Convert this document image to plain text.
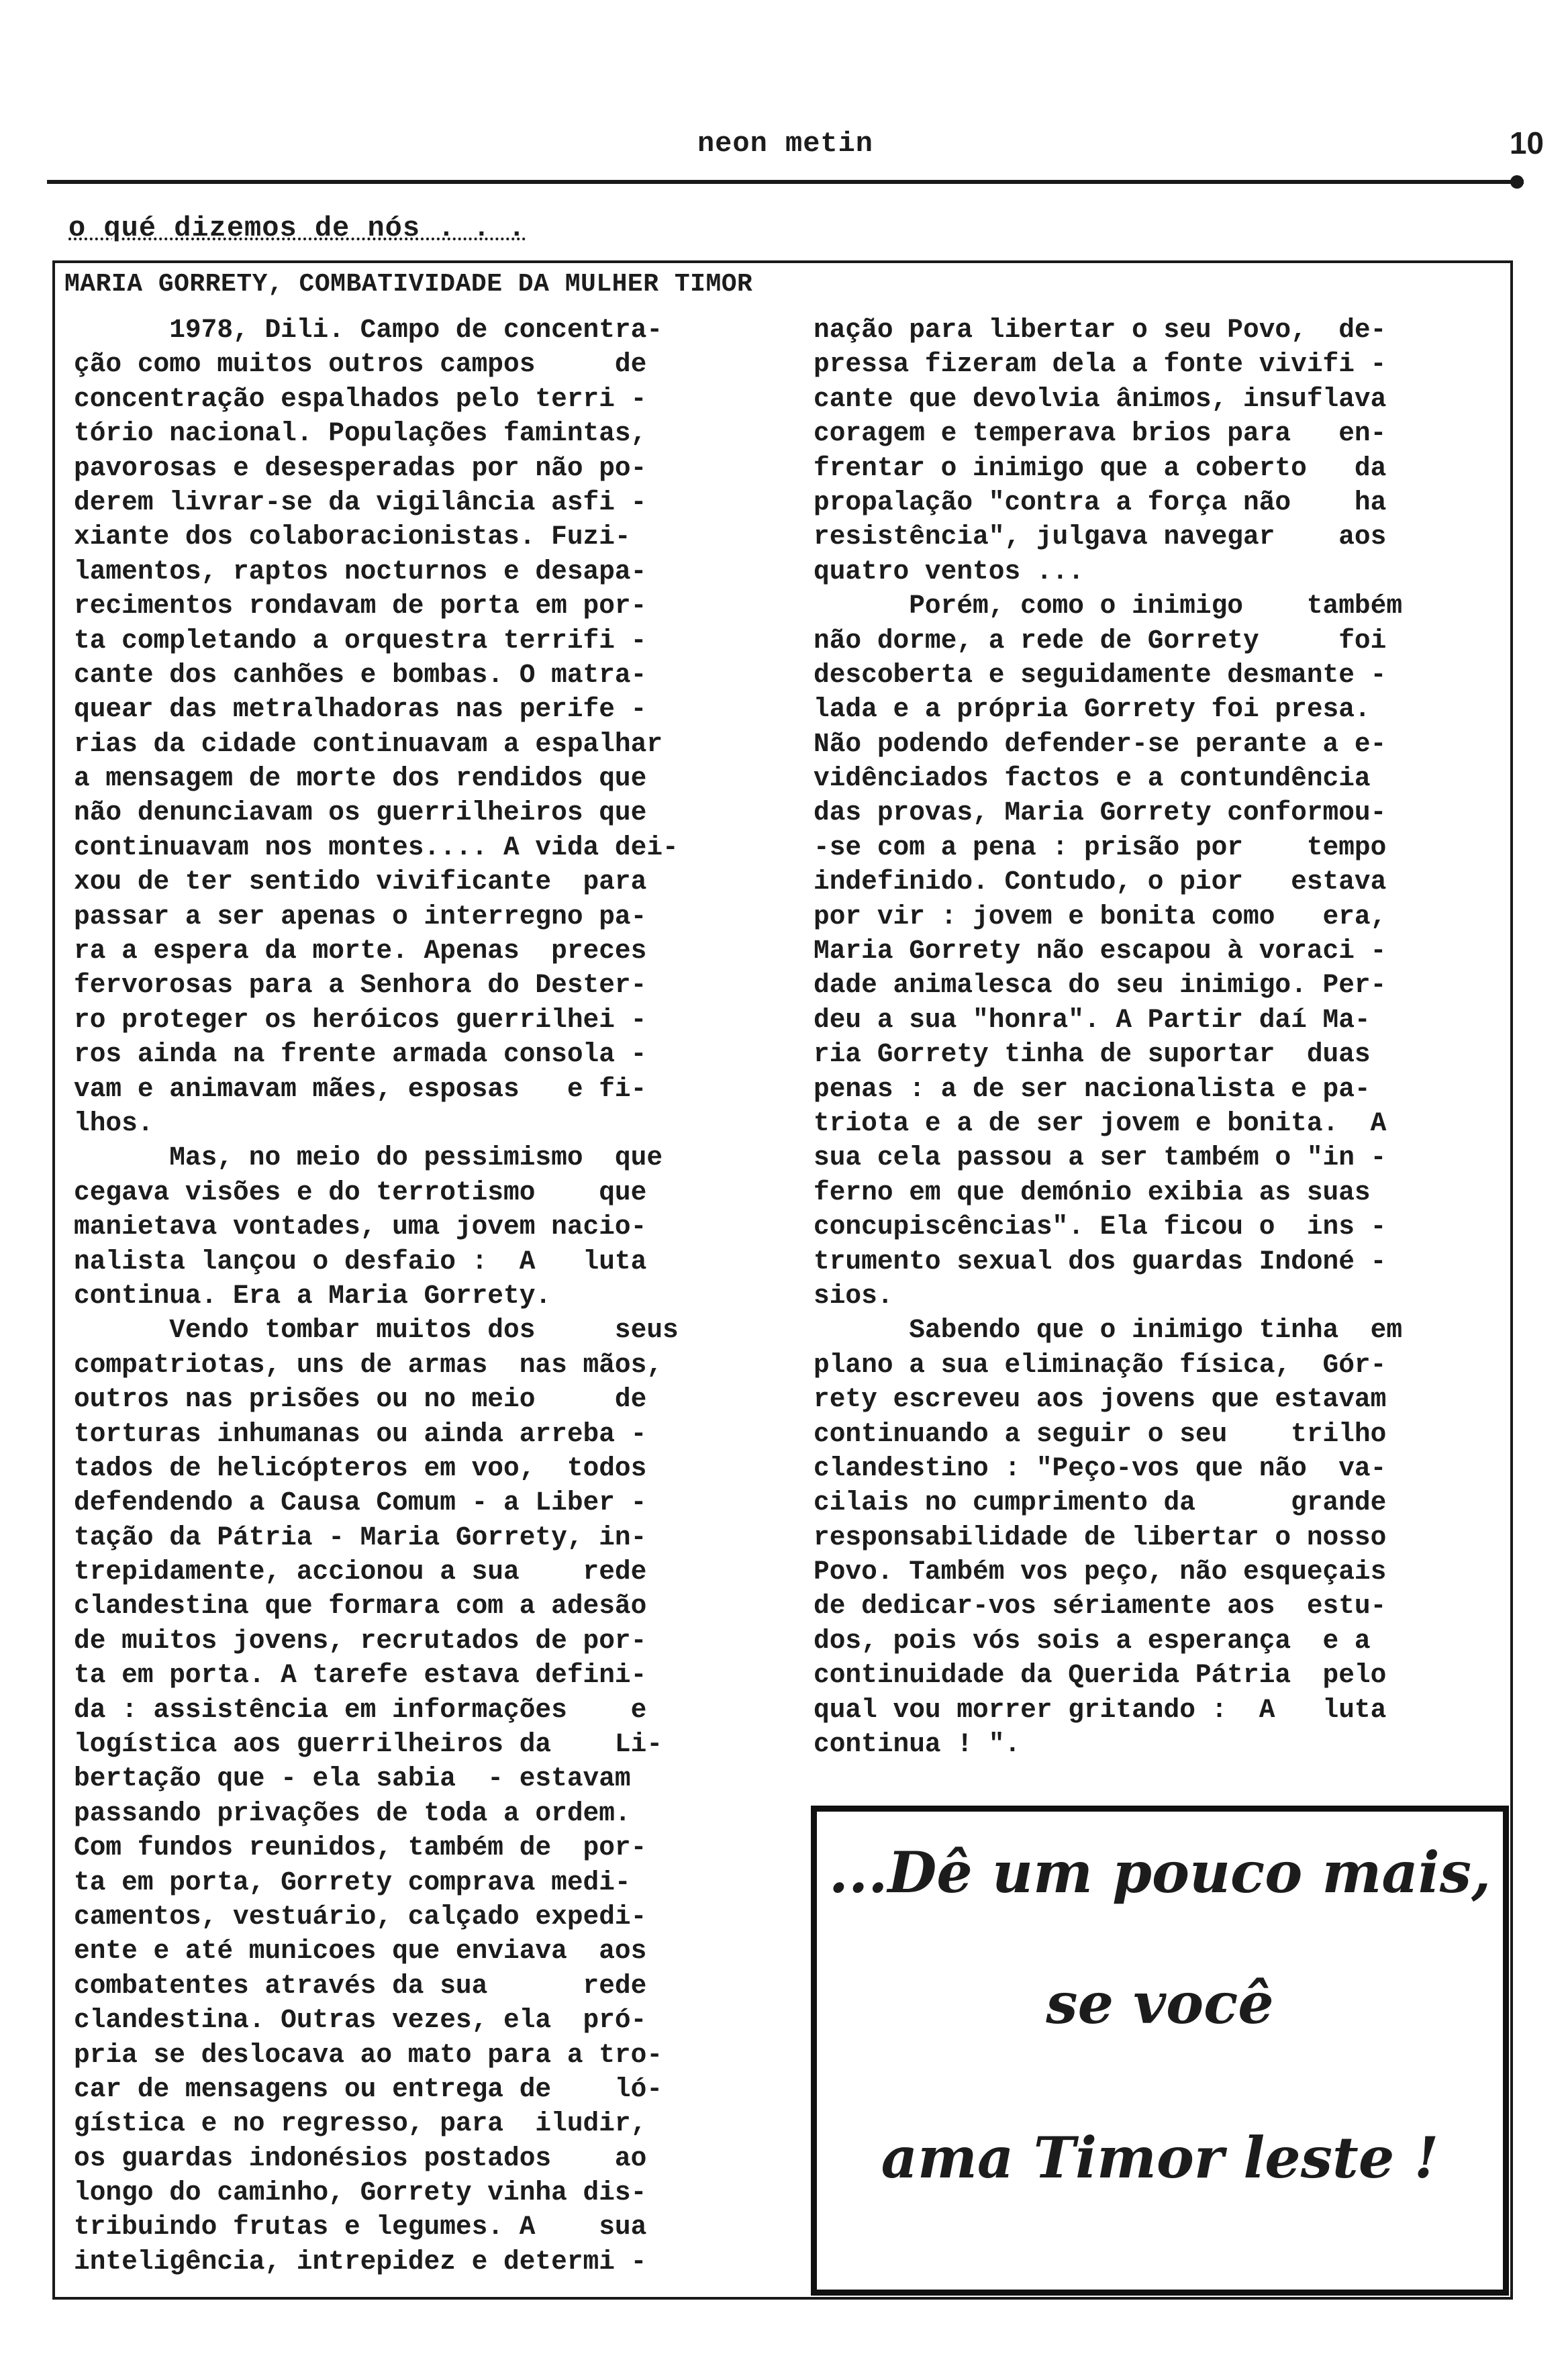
neon metin	10
o qué dizemos de nós . . .
MARIA GORRETY, COMBATIVIDADE DA MULHER TIMOR
1978, Dili. Campo de concentra-
ção como muitos outros campos     de
concentração espalhados pelo terri -
tório nacional. Populações famintas,
pavorosas e desesperadas por não po-
derem livrar-se da vigilância asfi -
xiante dos colaboracionistas. Fuzi-
lamentos, raptos nocturnos e desapa-
recimentos rondavam de porta em por-
ta completando a orquestra terrifi -
cante dos canhões e bombas. O matra-
quear das metralhadoras nas perife -
rias da cidade continuavam a espalhar
a mensagem de morte dos rendidos que
não denunciavam os guerrilheiros que
continuavam nos montes.... A vida dei-
xou de ter sentido vivificante  para
passar a ser apenas o interregno pa-
ra a espera da morte. Apenas  preces
fervorosas para a Senhora do Dester-
ro proteger os heróicos guerrilhei -
ros ainda na frente armada consola -
vam e animavam mães, esposas   e fi-
lhos.
Mas, no meio do pessimismo  que
cegava visões e do terrotismo    que
manietava vontades, uma jovem nacio-
nalista lançou o desfaio :  A   luta
continua. Era a Maria Gorrety.
Vendo tombar muitos dos     seus
compatriotas, uns de armas  nas mãos,
outros nas prisões ou no meio     de
torturas inhumanas ou ainda arreba -
tados de helicópteros em voo,  todos
defendendo a Causa Comum - a Liber -
tação da Pátria - Maria Gorrety, in-
trepidamente, accionou a sua    rede
clandestina que formara com a adesão
de muitos jovens, recrutados de por-
ta em porta. A tarefe estava defini-
da : assistência em informações    e
logística aos guerrilheiros da    Li-
bertação que - ela sabia  - estavam
passando privações de toda a ordem.
Com fundos reunidos, também de  por-
ta em porta, Gorrety comprava medi-
camentos, vestuário, calçado expedi-
ente e até municoes que enviava  aos
combatentes através da sua      rede
clandestina. Outras vezes, ela  pró-
pria se deslocava ao mato para a tro-
car de mensagens ou entrega de    ló-
gística e no regresso, para  iludir,
os guardas indonésios postados    ao
longo do caminho, Gorrety vinha dis-
tribuindo frutas e legumes. A    sua
inteligência, intrepidez e determi -
nação para libertar o seu Povo,  de-
pressa fizeram dela a fonte vivifi -
cante que devolvia ânimos, insuflava
coragem e temperava brios para   en-
frentar o inimigo que a coberto   da
propalação "contra a força não    ha
resistência", julgava navegar    aos
quatro ventos ...
Porém, como o inimigo    também
não dorme, a rede de Gorrety     foi
descoberta e seguidamente desmante -
lada e a própria Gorrety foi presa.
Não podendo defender-se perante a e-
vidênciados factos e a contundência
das provas, Maria Gorrety conformou-
-se com a pena : prisão por    tempo
indefinido. Contudo, o pior   estava
por vir : jovem e bonita como   era,
Maria Gorrety não escapou à voraci -
dade animalesca do seu inimigo. Per-
deu a sua "honra". A Partir daí Ma-
ria Gorrety tinha de suportar  duas
penas : a de ser nacionalista e pa-
triota e a de ser jovem e bonita.  A
sua cela passou a ser também o "in -
ferno em que demónio exibia as suas
concupiscências". Ela ficou o  ins -
trumento sexual dos guardas Indoné -
sios.
Sabendo que o inimigo tinha  em
plano a sua eliminação física,  Gór-
rety escreveu aos jovens que estavam
continuando a seguir o seu    trilho
clandestino : "Peço-vos que não  va-
cilais no cumprimento da      grande
responsabilidade de libertar o nosso
Povo. Também vos peço, não esqueçais
de dedicar-vos sériamente aos  estu-
dos, pois vós sois a esperança  e a
continuidade da Querida Pátria  pelo
qual vou morrer gritando :  A   luta
continua ! ".
...Dê um pouco mais,
se você
ama Timor leste !
